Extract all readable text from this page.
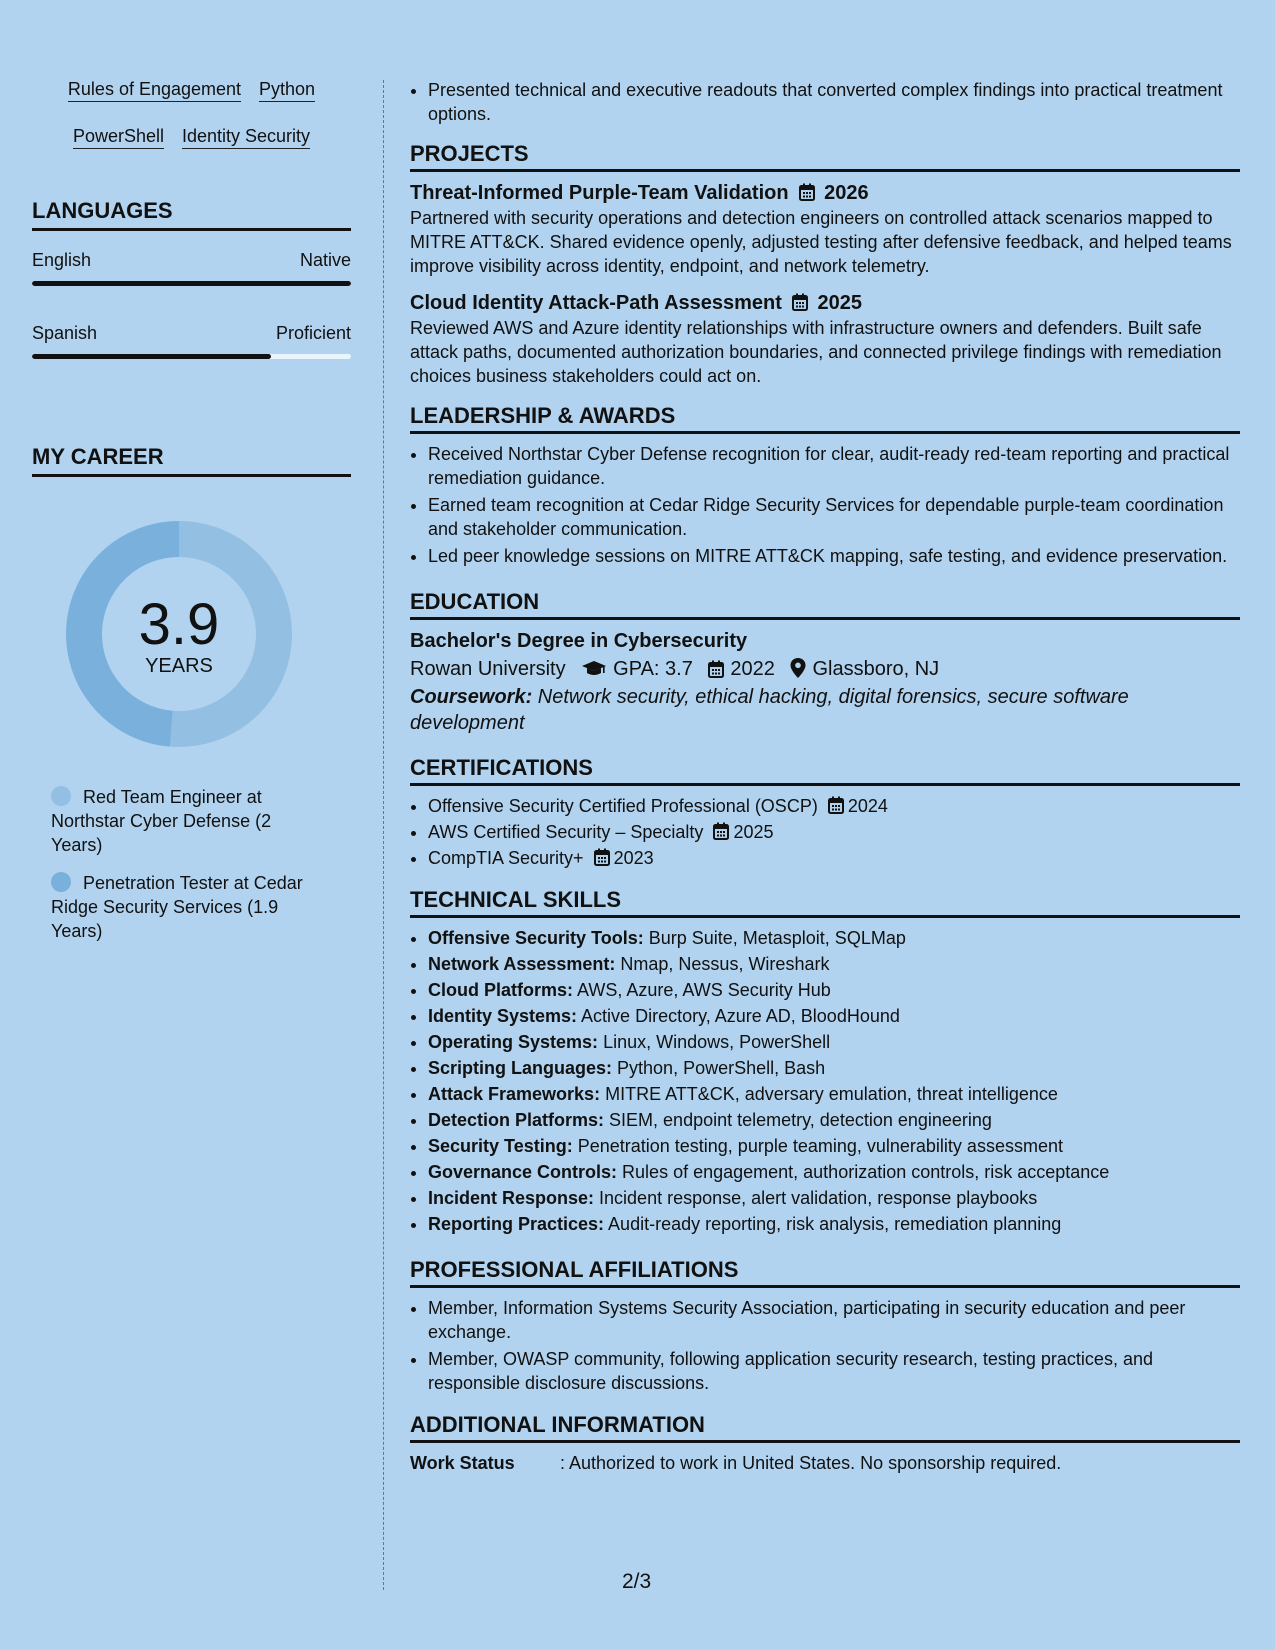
Rules of Engagement Python
PowerShell Identity Security
LANGUAGES
English	Native
Spanish	Proficient
MY CAREER
3.9
YEARS
Red Team Engineer at Northstar Cyber Defense (2 Years)
Penetration Tester at Cedar Ridge Security Services (1.9 Years)
• Presented technical and executive readouts that converted complex findings into practical treatment options.
PROJECTS
Threat-Informed Purple-Team Validation 2026
Partnered with security operations and detection engineers on controlled attack scenarios mapped to MITRE ATT&CK. Shared evidence openly, adjusted testing after defensive feedback, and helped teams improve visibility across identity, endpoint, and network telemetry.
Cloud Identity Attack-Path Assessment 2025
Reviewed AWS and Azure identity relationships with infrastructure owners and defenders. Built safe attack paths, documented authorization boundaries, and connected privilege findings with remediation choices business stakeholders could act on.
LEADERSHIP & AWARDS
• Received Northstar Cyber Defense recognition for clear, audit-ready red-team reporting and practical remediation guidance.
• Earned team recognition at Cedar Ridge Security Services for dependable purple-team coordination and stakeholder communication.
• Led peer knowledge sessions on MITRE ATT&CK mapping, safe testing, and evidence preservation.
EDUCATION
Bachelor's Degree in Cybersecurity
Rowan University GPA: 3.7 2022 Glassboro, NJ
Coursework: Network security, ethical hacking, digital forensics, secure software development
CERTIFICATIONS
• Offensive Security Certified Professional (OSCP) 2024
• AWS Certified Security – Specialty 2025
• CompTIA Security+ 2023
TECHNICAL SKILLS
• Offensive Security Tools: Burp Suite, Metasploit, SQLMap
• Network Assessment: Nmap, Nessus, Wireshark
• Cloud Platforms: AWS, Azure, AWS Security Hub
• Identity Systems: Active Directory, Azure AD, BloodHound
• Operating Systems: Linux, Windows, PowerShell
• Scripting Languages: Python, PowerShell, Bash
• Attack Frameworks: MITRE ATT&CK, adversary emulation, threat intelligence
• Detection Platforms: SIEM, endpoint telemetry, detection engineering
• Security Testing: Penetration testing, purple teaming, vulnerability assessment
• Governance Controls: Rules of engagement, authorization controls, risk acceptance
• Incident Response: Incident response, alert validation, response playbooks
• Reporting Practices: Audit-ready reporting, risk analysis, remediation planning
PROFESSIONAL AFFILIATIONS
• Member, Information Systems Security Association, participating in security education and peer exchange.
• Member, OWASP community, following application security research, testing practices, and responsible disclosure discussions.
ADDITIONAL INFORMATION
Work Status	: Authorized to work in United States. No sponsorship required.
2/3
